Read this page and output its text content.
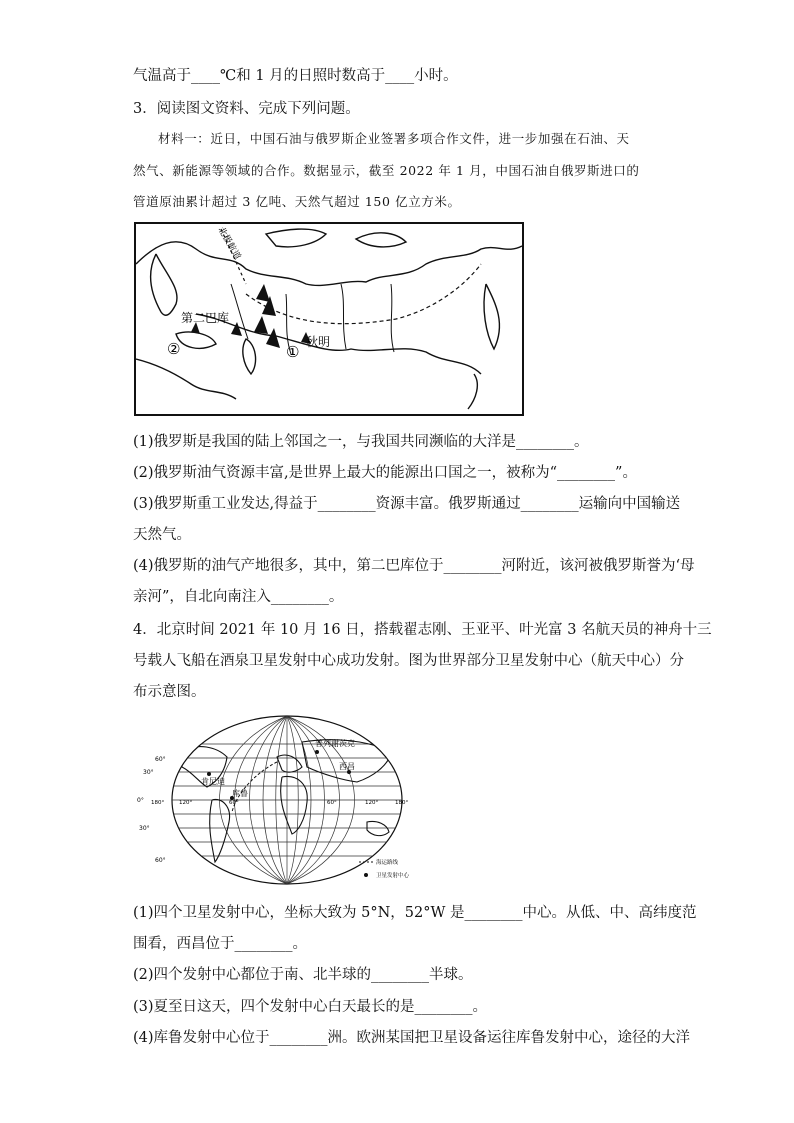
气温高于____℃和 1 月的日照时数高于____小时。
3．阅读图文资料、完成下列问题。
材料一：近日，中国石油与俄罗斯企业签署多项合作文件，进一步加强在石油、天
然气、新能源等领域的合作。数据显示，截至 2022 年 1 月，中国石油自俄罗斯进口的
管道原油累计超过 3 亿吨、天然气超过 150 亿立方米。
北极航道
第二巴库
秋明
①
②
(1)俄罗斯是我国的陆上邻国之一，与我国共同濒临的大洋是________。
(2)俄罗斯油气资源丰富,是世界上最大的能源出口国之一，被称为“________”。
(3)俄罗斯重工业发达,得益于________资源丰富。俄罗斯通过________运输向中国输送
天然气。
(4)俄罗斯的油气产地很多，其中，第二巴库位于________河附近，该河被俄罗斯誉为‘母
亲河”，自北向南注入________。
4．北京时间 2021 年 10 月 16 日，搭载翟志刚、王亚平、叶光富 3 名航天员的神舟十三
号载人飞船在酒泉卫星发射中心成功发射。图为世界部分卫星发射中心（航天中心）分
布示意图。
60°
30°
0°
30°
60°
180°	120°	60°	60°	120°	180°
普列谢茨克
西昌
肯尼迪
库鲁
海运路线
卫星发射中心
(1)四个卫星发射中心，坐标大致为 5°N，52°W 是________中心。从低、中、高纬度范
围看，西昌位于________。
(2)四个发射中心都位于南、北半球的________半球。
(3)夏至日这天，四个发射中心白天最长的是________。
(4)库鲁发射中心位于________洲。欧洲某国把卫星设备运往库鲁发射中心，途径的大洋
